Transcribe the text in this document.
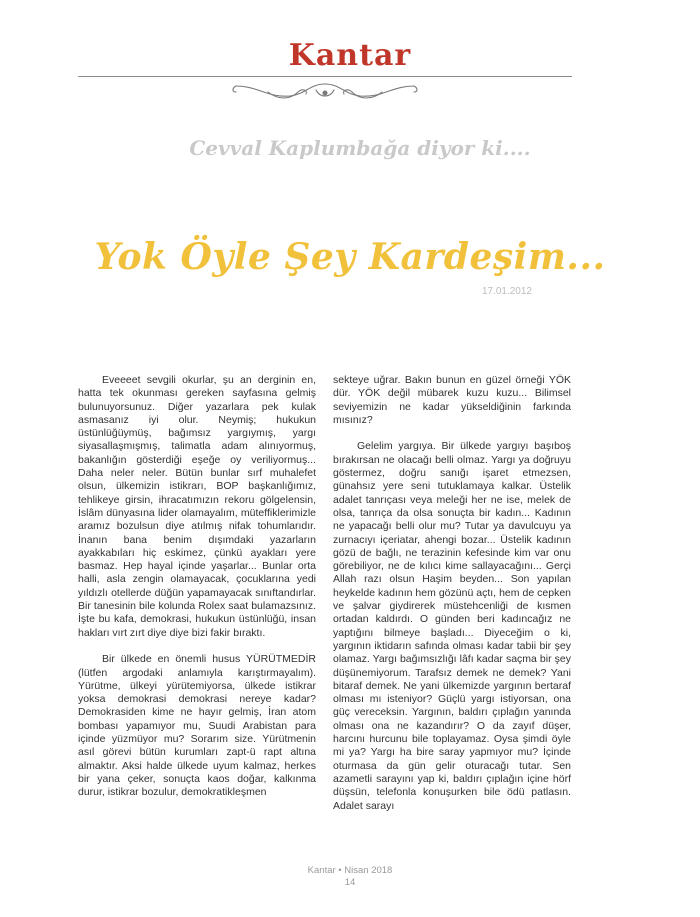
Kantar
Cevval Kaplumbağa diyor ki....
Yok Öyle Şey Kardeşim...
17.01.2012

Eveeeet sevgili okurlar, şu an derginin en, hatta tek okunması gereken sayfasına gelmiş bulunuyorsunuz. Diğer yazarlara pek kulak asmasanız iyi olur. Neymiş; hukukun üstünlüğüymüş, bağımsız yargıymış, yargı siyasallaşmışmış, talimatla adam alınıyormuş, bakanlığın gösterdiği eşeğe oy veriliyormuş... Daha neler neler. Bütün bunlar sırf muhalefet olsun, ülkemizin istikrarı, BOP başkanlığımız, tehlikeye girsin, ihracatımızın rekoru gölgelensin, İslâm dünyasına lider olamayalım, müteffiklerimizle aramız bozulsun diye atılmış nifak tohumlarıdır. İnanın bana benim dışımdaki yazarların ayakkabıları hiç eskimez, çünkü ayakları yere basmaz. Hep hayal içinde yaşarlar... Bunlar orta halli, asla zengin olamayacak, çocuklarına yedi yıldızlı otellerde düğün yapamayacak sınıftandırlar. Bir tanesinin bile kolunda Rolex saat bulamazsınız. İşte bu kafa, demokrasi, hukukun üstünlüğü, insan hakları vırt zırt diye diye bizi fakir bıraktı.

Bir ülkede en önemli husus YÜRÜTMEDİR (lütfen argodaki anlamıyla karıştırmayalım). Yürütme, ülkeyi yürütemiyorsa, ülkede istikrar yoksa demokrasi demokrasi nereye kadar? Demokrasiden kime ne hayır gelmiş, İran atom bombası yapamıyor mu, Suudi Arabistan para içinde yüzmüyor mu? Sorarım size. Yürütmenin asıl görevi bütün kurumları zapt-ü rapt altına almaktır. Aksi halde ülkede uyum kalmaz, herkes bir yana çeker, sonuçta kaos doğar, kalkınma durur, istikrar bozulur, demokratikleşmen

sekteye uğrar. Bakın bunun en güzel örneği YÖK dür. YÖK değil mübarek kuzu kuzu... Bilimsel seviyemizin ne kadar yükseldiğinin farkında mısınız?

Gelelim yargıya. Bir ülkede yargıyı başıboş bırakırsan ne olacağı belli olmaz. Yargı ya doğruyu göstermez, doğru sanığı işaret etmezsen, günahsız yere seni tutuklamaya kalkar. Üstelik adalet tanrıçası veya meleği her ne ise, melek de olsa, tanrıça da olsa sonuçta bir kadın... Kadının ne yapacağı belli olur mu? Tutar ya davulcuyu ya zurnacıyı içeriatar, ahengi bozar... Üstelik kadının gözü de bağlı, ne terazinin kefesinde kim var onu görebiliyor, ne de kılıcı kime sallayacağını... Gerçi Allah razı olsun Haşim beyden... Son yapılan heykelde kadının hem gözünü açtı, hem de cepken ve şalvar giydirerek müstehcenliği de kısmen ortadan kaldırdı. O günden beri kadıncağız ne yaptığını bilmeye başladı... Diyeceğim o ki, yargının iktidarın safında olması kadar tabii bir şey olamaz. Yargı bağımsızlığı lâfı kadar saçma bir şey düşünemiyorum. Tarafsız demek ne demek? Yani bitaraf demek. Ne yani ülkemizde yargının bertaraf olması mı isteniyor? Güçlü yargı istiyorsan, ona güç vereceksin. Yargının, baldırı çıplağın yanında olması ona ne kazandırır? O da zayıf düşer, harcını hurcunu bile toplayamaz. Oysa şimdi öyle mi ya? Yargı ha bire saray yapmıyor mu? İçinde oturmasa da gün gelir oturacağı tutar. Sen azametli sarayını yap ki, baldırı çıplağın içine hörf düşsün, telefonla konuşurken bile ödü patlasın. Adalet sarayı

Kantar • Nisan 2018
14
